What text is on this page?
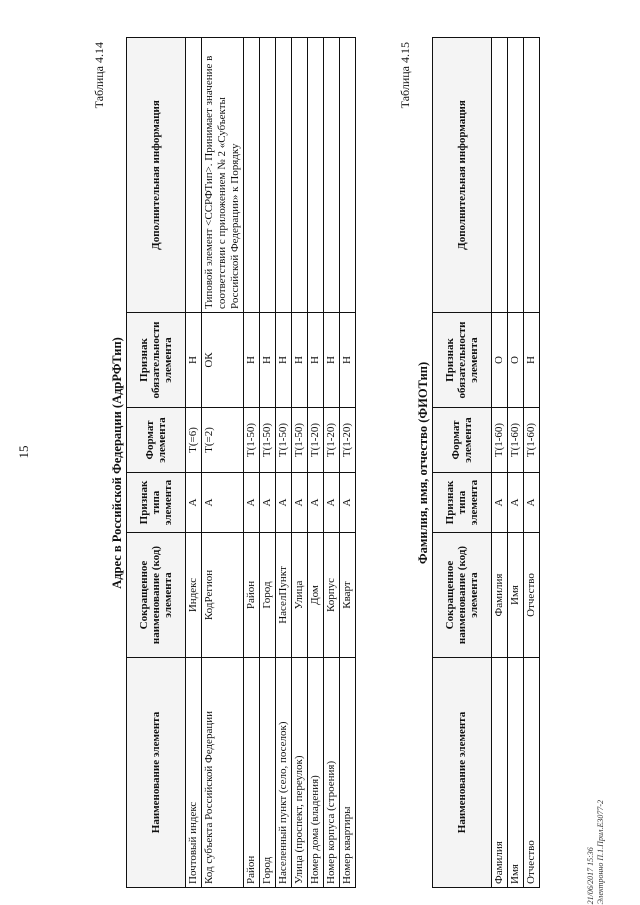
15
Таблица 4.14
Адрес в Российской Федерации (АдрРФТип)
Наименование элемента	Сокращенное наименование (код) элемента	Признак типа элемента	Формат элемента	Признак обязательности элемента	Дополнительная информация
Почтовый индекс	Индекс	А	T(=6)	Н	
Код субъекта Российской Федерации	КодРегион	А	T(=2)	ОК	Типовой элемент <ССРФТип>. Принимает значение в соответствии с приложением № 2 «Субъекты Российской Федерации» к Порядку
Район	Район	А	T(1-50)	Н	
Город	Город	А	T(1-50)	Н	
Населенный пункт (село, поселок)	НаселПункт	А	T(1-50)	Н	
Улица (проспект, переулок)	Улица	А	T(1-50)	Н	
Номер дома (владения)	Дом	А	T(1-20)	Н	
Номер корпуса (строения)	Корпус	А	T(1-20)	Н	
Номер квартиры	Кварт	А	T(1-20)	Н	
Таблица 4.15
Фамилия, имя, отчество (ФИОТип)
Наименование элемента	Сокращенное наименование (код) элемента	Признак типа элемента	Формат элемента	Признак обязательности элемента	Дополнительная информация
Фамилия	Фамилия	А	T(1-60)	О	
Имя	Имя	А	T(1-60)	О	
Отчество	Отчество	А	T(1-60)	Н	
21/06/2017 15:36 Электронно П.1.Прил.E3077-2
